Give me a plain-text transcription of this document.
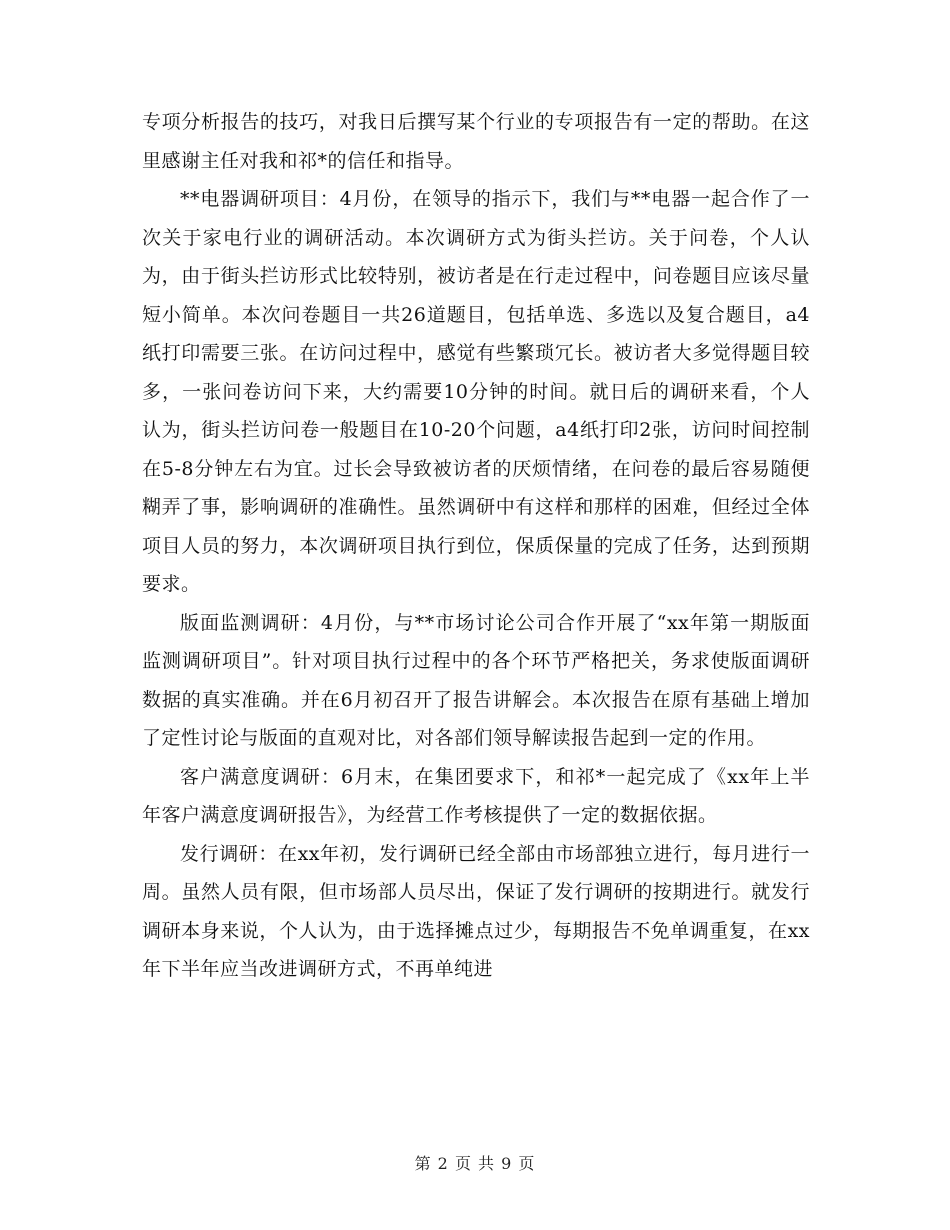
专项分析报告的技巧，对我日后撰写某个行业的专项报告有一定的帮助。在这里感谢主任对我和祁*的信任和指导。

**电器调研项目：4月份，在领导的指示下，我们与**电器一起合作了一次关于家电行业的调研活动。本次调研方式为街头拦访。关于问卷，个人认为，由于街头拦访形式比较特别，被访者是在行走过程中，问卷题目应该尽量短小简单。本次问卷题目一共26道题目，包括单选、多选以及复合题目，a4纸打印需要三张。在访问过程中，感觉有些繁琐冗长。被访者大多觉得题目较多，一张问卷访问下来，大约需要10分钟的时间。就日后的调研来看，个人认为，街头拦访问卷一般题目在10-20个问题，a4纸打印2张，访问时间控制在5-8分钟左右为宜。过长会导致被访者的厌烦情绪，在问卷的最后容易随便糊弄了事，影响调研的准确性。虽然调研中有这样和那样的困难，但经过全体项目人员的努力，本次调研项目执行到位，保质保量的完成了任务，达到预期要求。

版面监测调研：4月份，与**市场讨论公司合作开展了“xx年第一期版面监测调研项目”。针对项目执行过程中的各个环节严格把关，务求使版面调研数据的真实准确。并在6月初召开了报告讲解会。本次报告在原有基础上增加了定性讨论与版面的直观对比，对各部们领导解读报告起到一定的作用。

客户满意度调研：6月末，在集团要求下，和祁*一起完成了《xx年上半年客户满意度调研报告》，为经营工作考核提供了一定的数据依据。

发行调研：在xx年初，发行调研已经全部由市场部独立进行，每月进行一周。虽然人员有限，但市场部人员尽出，保证了发行调研的按期进行。就发行调研本身来说，个人认为，由于选择摊点过少，每期报告不免单调重复，在xx年下半年应当改进调研方式，不再单纯进

第 2 页 共 9 页
